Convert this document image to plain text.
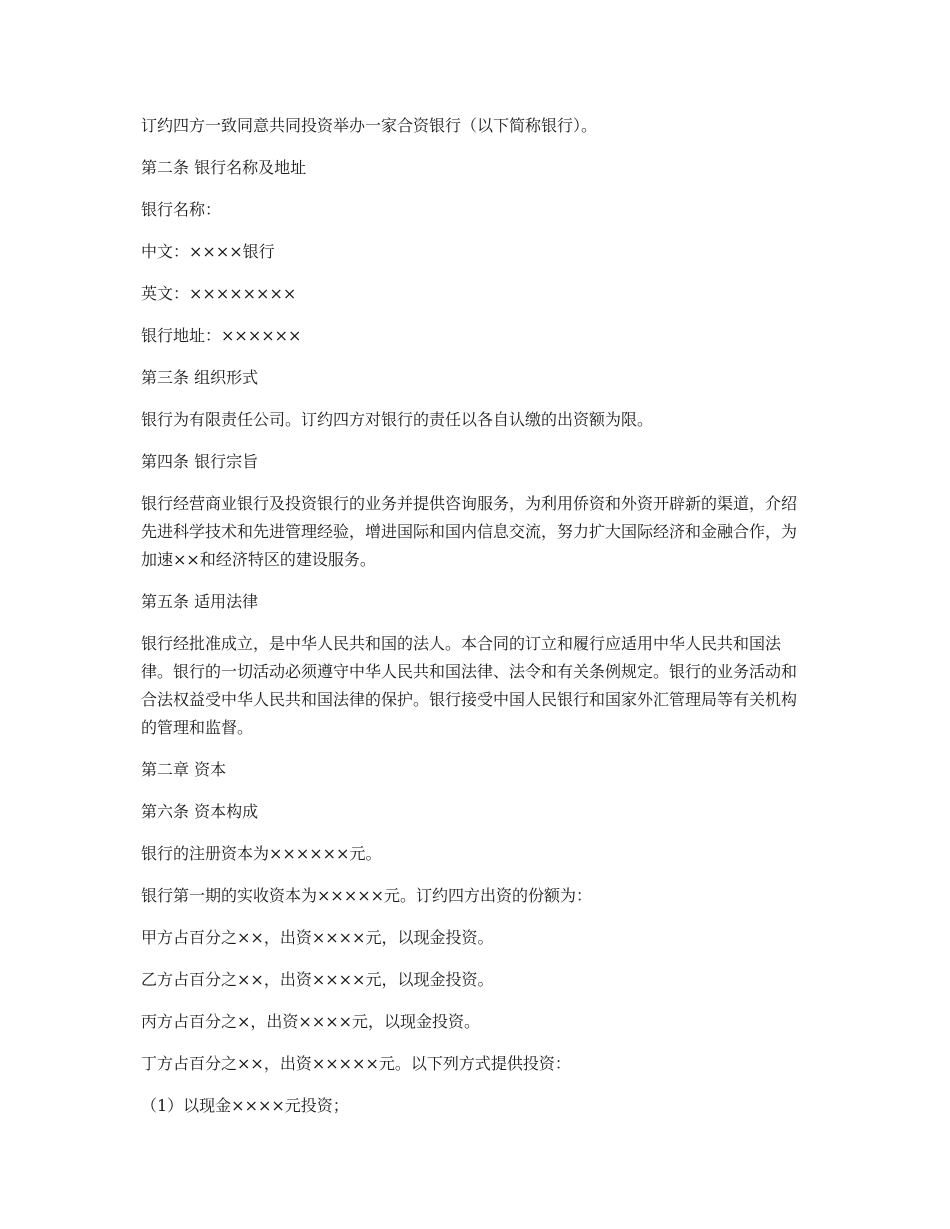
订约四方一致同意共同投资举办一家合资银行（以下简称银行）。
第二条 银行名称及地址
银行名称：
中文：××××银行
英文：××××××××
银行地址：××××××
第三条 组织形式
银行为有限责任公司。订约四方对银行的责任以各自认缴的出资额为限。
第四条 银行宗旨
银行经营商业银行及投资银行的业务并提供咨询服务，为利用侨资和外资开辟新的渠道，介绍先进科学技术和先进管理经验，增进国际和国内信息交流，努力扩大国际经济和金融合作，为加速××和经济特区的建设服务。
第五条 适用法律
银行经批准成立，是中华人民共和国的法人。本合同的订立和履行应适用中华人民共和国法律。银行的一切活动必须遵守中华人民共和国法律、法令和有关条例规定。银行的业务活动和合法权益受中华人民共和国法律的保护。银行接受中国人民银行和国家外汇管理局等有关机构的管理和监督。
第二章 资本
第六条 资本构成
银行的注册资本为××××××元。
银行第一期的实收资本为×××××元。订约四方出资的份额为：
甲方占百分之××，出资××××元，以现金投资。
乙方占百分之××，出资××××元，以现金投资。
丙方占百分之×，出资××××元，以现金投资。
丁方占百分之××，出资×××××元。以下列方式提供投资：
（1）以现金××××元投资；
